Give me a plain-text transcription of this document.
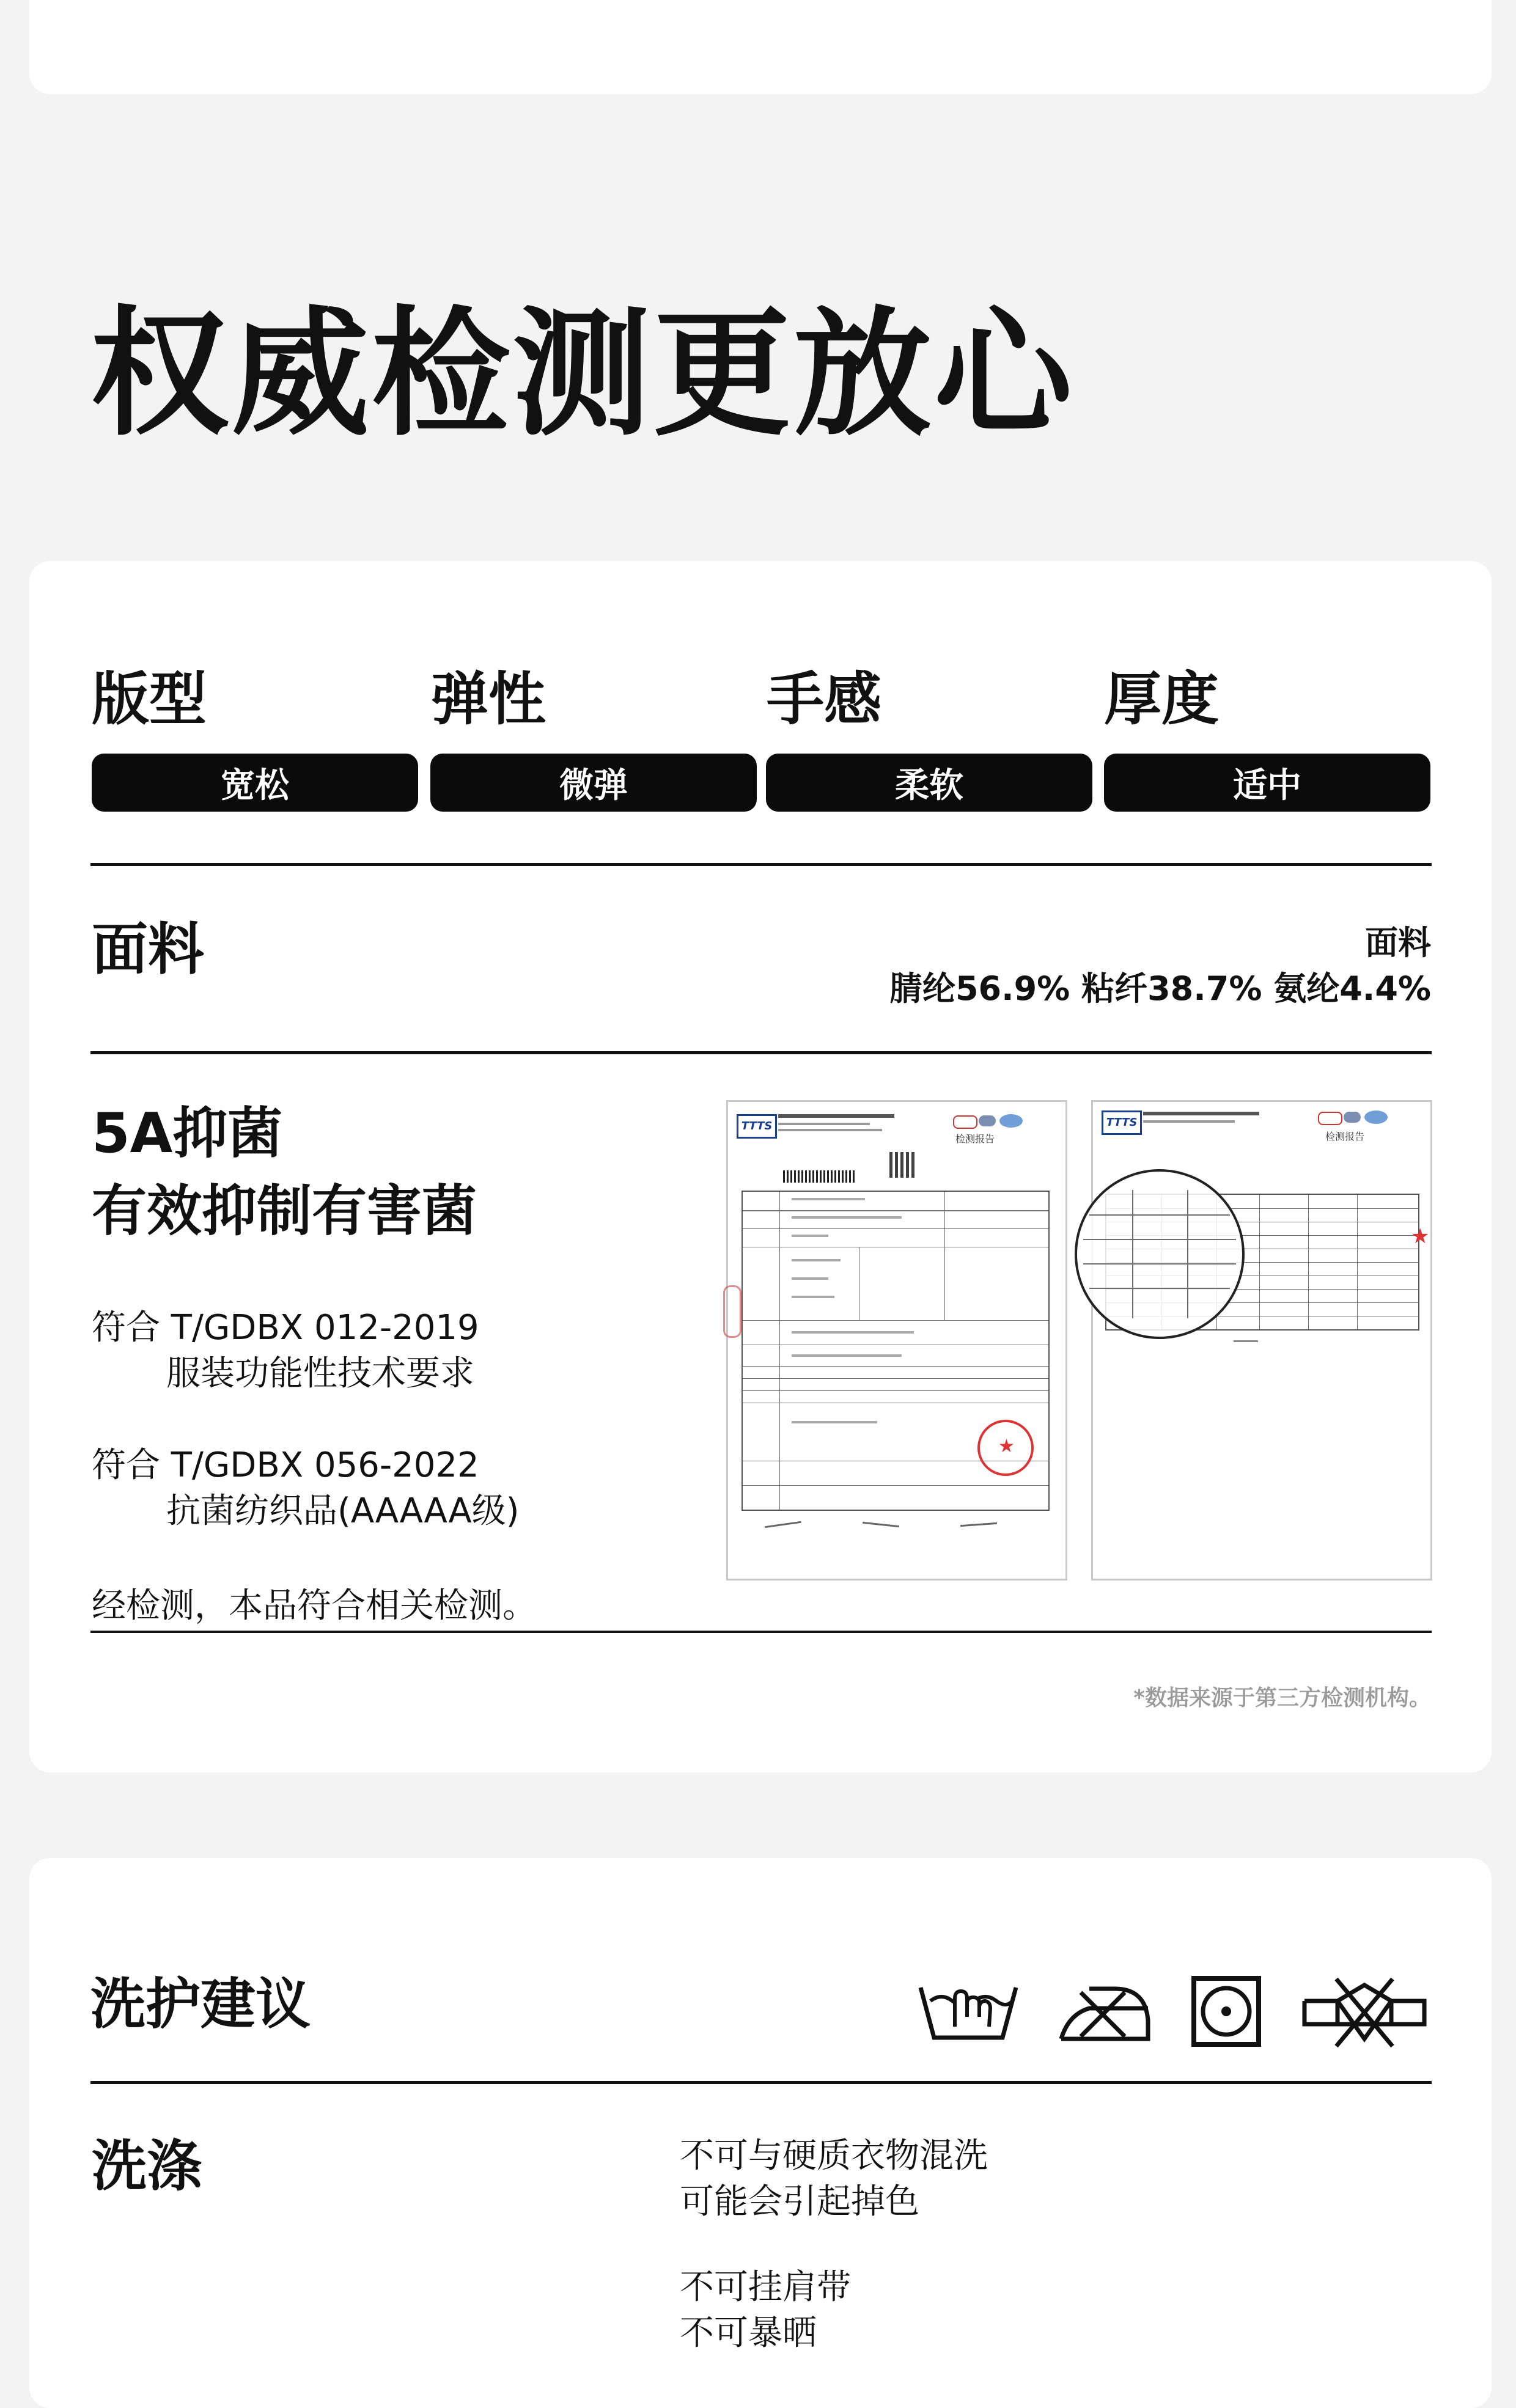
权威检测更放心
版型	弹性	手感	厚度
宽松	微弹	柔软	适中
面料	面料
腈纶56.9% 粘纤38.7% 氨纶4.4%
5A抑菌
有效抑制有害菌
符合 T/GDBX 012-2019
服装功能性技术要求
符合 T/GDBX 056-2022
抗菌纺织品(AAAAA级)
经检测，本品符合相关检测。
TTTS
检测报告
★
TTTS
检测报告
★
*数据来源于第三方检测机构。
洗护建议
洗涤	不可与硬质衣物混洗
可能会引起掉色
不可挂肩带
不可暴晒
